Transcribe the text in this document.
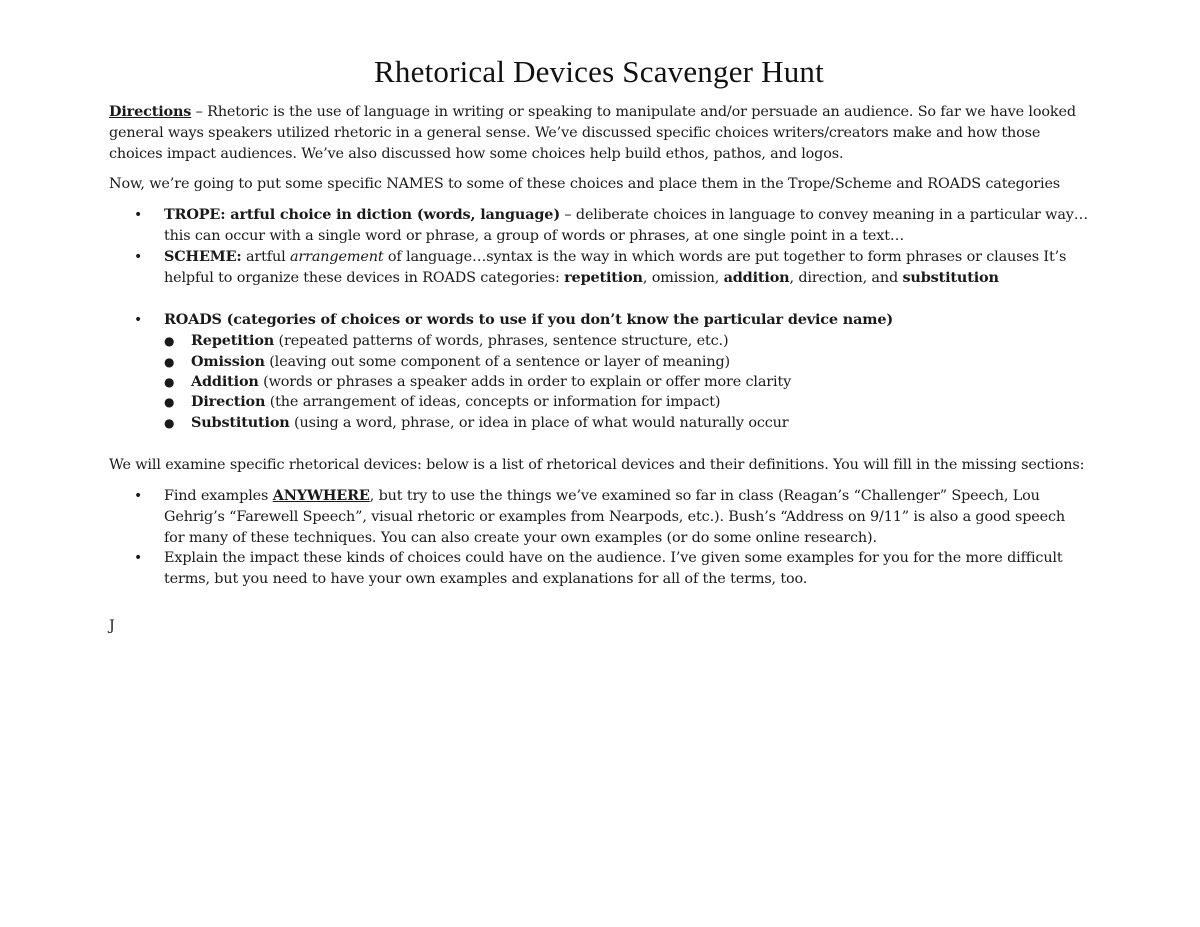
Rhetorical Devices Scavenger Hunt

Directions – Rhetoric is the use of language in writing or speaking to manipulate and/or persuade an audience. So far we have looked general ways speakers utilized rhetoric in a general sense. We’ve discussed specific choices writers/creators make and how those choices impact audiences. We’ve also discussed how some choices help build ethos, pathos, and logos.

Now, we’re going to put some specific NAMES to some of these choices and place them in the Trope/Scheme and ROADS categories

• TROPE: artful choice in diction (words, language) – deliberate choices in language to convey meaning in a particular way…this can occur with a single word or phrase, a group of words or phrases, at one single point in a text…
• SCHEME: artful arrangement of language…syntax is the way in which words are put together to form phrases or clauses It’s helpful to organize these devices in ROADS categories: repetition, omission, addition, direction, and substitution
• ROADS (categories of choices or words to use if you don’t know the particular device name)
● Repetition (repeated patterns of words, phrases, sentence structure, etc.)
● Omission (leaving out some component of a sentence or layer of meaning)
● Addition (words or phrases a speaker adds in order to explain or offer more clarity
● Direction (the arrangement of ideas, concepts or information for impact)
● Substitution (using a word, phrase, or idea in place of what would naturally occur

We will examine specific rhetorical devices: below is a list of rhetorical devices and their definitions. You will fill in the missing sections:

• Find examples ANYWHERE, but try to use the things we’ve examined so far in class (Reagan’s “Challenger” Speech, Lou Gehrig’s “Farewell Speech”, visual rhetoric or examples from Nearpods, etc.). Bush’s “Address on 9/11” is also a good speech for many of these techniques. You can also create your own examples (or do some online research).
• Explain the impact these kinds of choices could have on the audience. I’ve given some examples for you for the more difficult terms, but you need to have your own examples and explanations for all of the terms, too.
J
